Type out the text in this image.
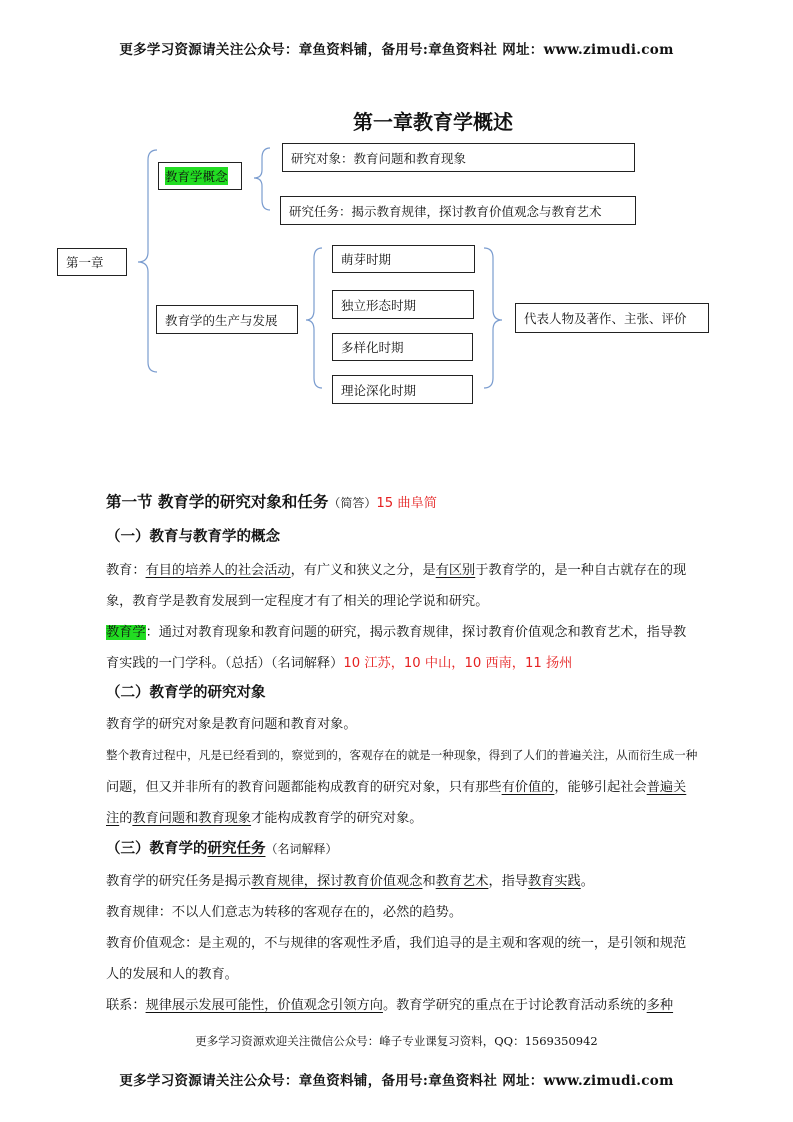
更多学习资源请关注公众号：章鱼资料铺，备用号:章鱼资料社 网址：www.zimudi.com
第一章教育学概述
第一章
教育学概念
研究对象：教育问题和教育现象
研究任务：揭示教育规律，探讨教育价值观念与教育艺术
教育学的生产与发展
萌芽时期
独立形态时期
多样化时期
理论深化时期
代表人物及著作、主张、评价
第一节 教育学的研究对象和任务（简答）15 曲阜简
（一）教育与教育学的概念
教育：有目的培养人的社会活动，有广义和狭义之分，是有区别于教育学的，是一种自古就存在的现
象，教育学是教育发展到一定程度才有了相关的理论学说和研究。
教育学：通过对教育现象和教育问题的研究，揭示教育规律，探讨教育价值观念和教育艺术，指导教
育实践的一门学科。（总括）（名词解释）10 江苏，10 中山，10 西南，11 扬州
（二）教育学的研究对象
教育学的研究对象是教育问题和教育对象。
整个教育过程中，凡是已经看到的，察觉到的，客观存在的就是一种现象，得到了人们的普遍关注，从而衍生成一种
问题，但又并非所有的教育问题都能构成教育的研究对象，只有那些有价值的，能够引起社会普遍关
注的教育问题和教育现象才能构成教育学的研究对象。
（三）教育学的研究任务（名词解释）
教育学的研究任务是揭示教育规律，探讨教育价值观念和教育艺术，指导教育实践。
教育规律：不以人们意志为转移的客观存在的，必然的趋势。
教育价值观念：是主观的，不与规律的客观性矛盾，我们追寻的是主观和客观的统一，是引领和规范
人的发展和人的教育。
联系：规律展示发展可能性，价值观念引领方向。教育学研究的重点在于讨论教育活动系统的多种
更多学习资源欢迎关注微信公众号：峰子专业课复习资料，QQ：1569350942
更多学习资源请关注公众号：章鱼资料铺，备用号:章鱼资料社 网址：www.zimudi.com
